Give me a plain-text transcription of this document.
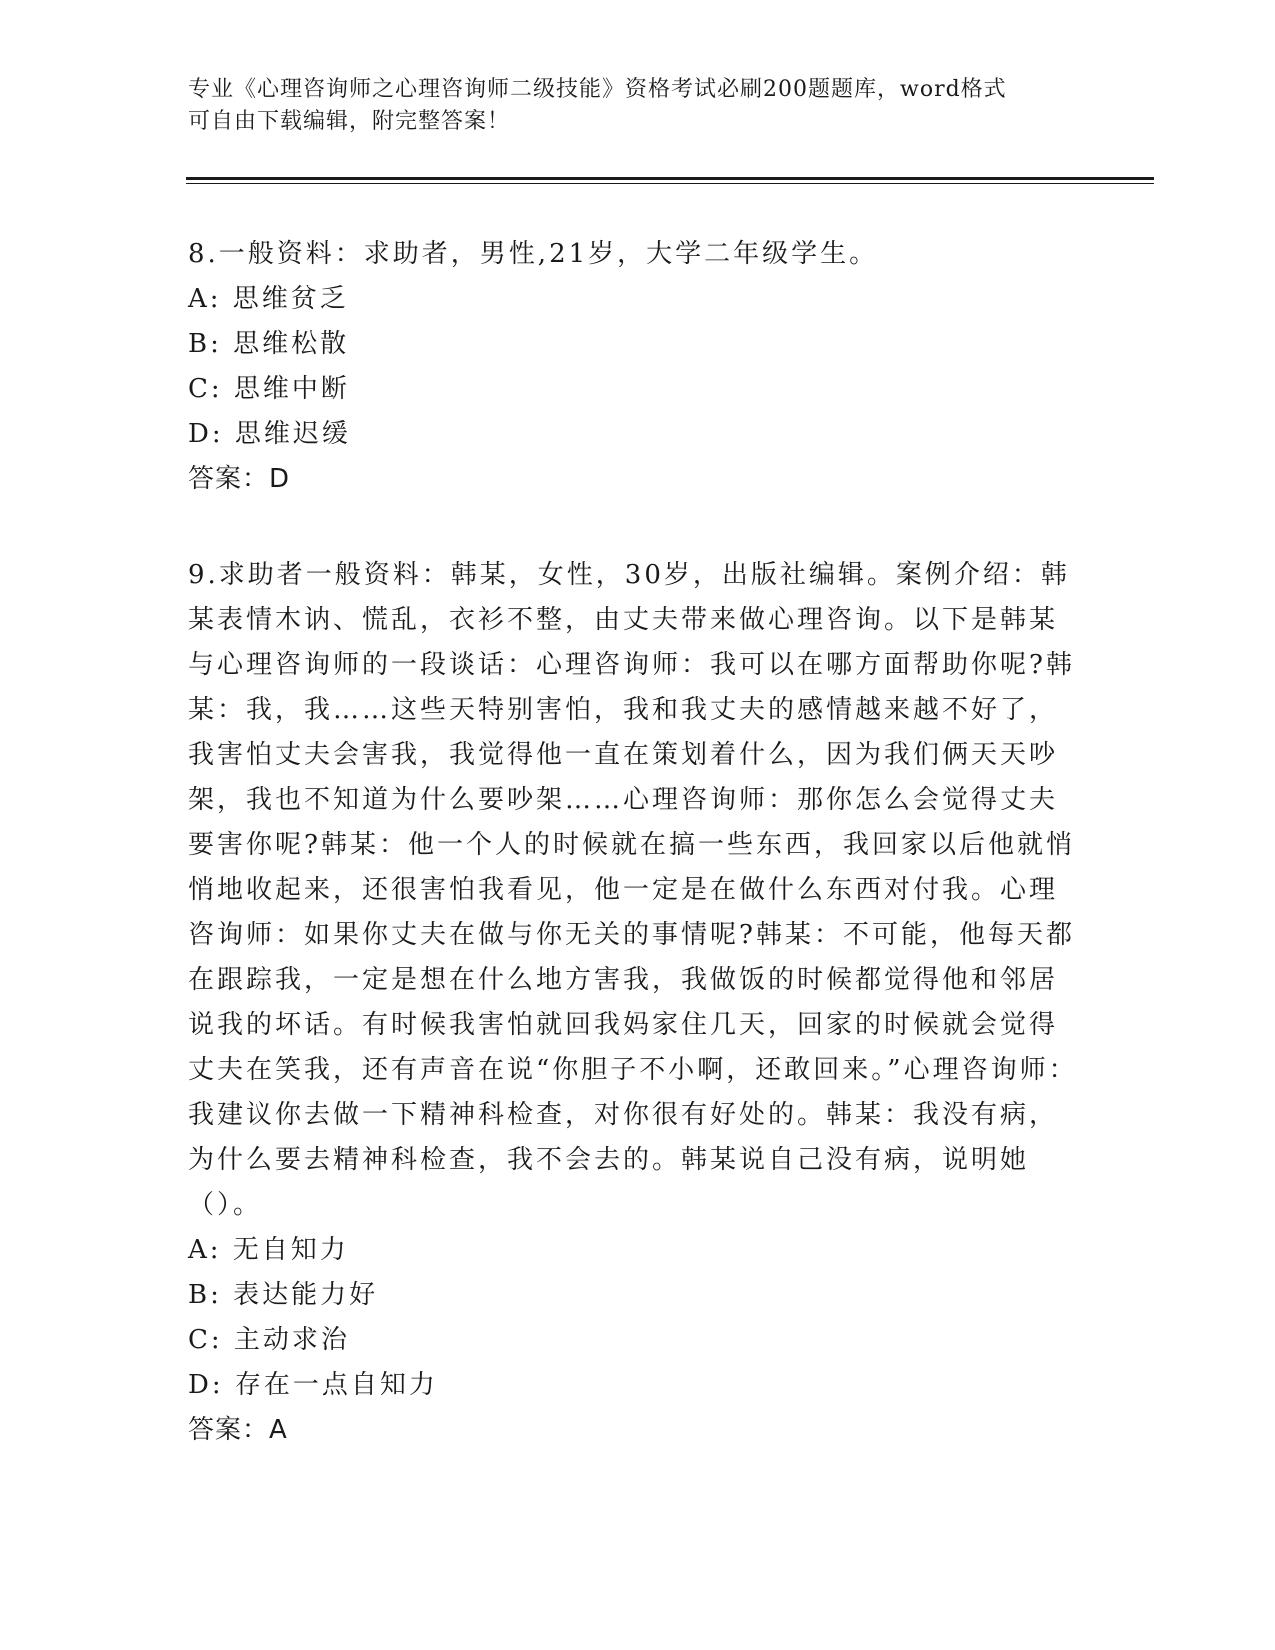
专业《心理咨询师之心理咨询师二级技能》资格考试必刷200题题库，word格式
可自由下载编辑，附完整答案！

8.一般资料：求助者，男性,21岁，大学二年级学生。

A: 思维贫乏

B: 思维松散

C: 思维中断

D: 思维迟缓

答案：D

9.求助者一般资料：韩某，女性，30岁，出版社编辑。案例介绍：韩某表情木讷、慌乱，衣衫不整，由丈夫带来做心理咨询。以下是韩某与心理咨询师的一段谈话：心理咨询师：我可以在哪方面帮助你呢?韩某：我，我……这些天特别害怕，我和我丈夫的感情越来越不好了，我害怕丈夫会害我，我觉得他一直在策划着什么，因为我们俩天天吵架，我也不知道为什么要吵架……心理咨询师：那你怎么会觉得丈夫要害你呢?韩某：他一个人的时候就在搞一些东西，我回家以后他就悄悄地收起来，还很害怕我看见，他一定是在做什么东西对付我。心理咨询师：如果你丈夫在做与你无关的事情呢?韩某：不可能，他每天都在跟踪我，一定是想在什么地方害我，我做饭的时候都觉得他和邻居说我的坏话。有时候我害怕就回我妈家住几天，回家的时候就会觉得丈夫在笑我，还有声音在说“你胆子不小啊，还敢回来。”心理咨询师：我建议你去做一下精神科检查，对你很有好处的。韩某：我没有病，为什么要去精神科检查，我不会去的。韩某说自己没有病，说明她（）。

A: 无自知力

B: 表达能力好

C: 主动求治

D: 存在一点自知力

答案：A
